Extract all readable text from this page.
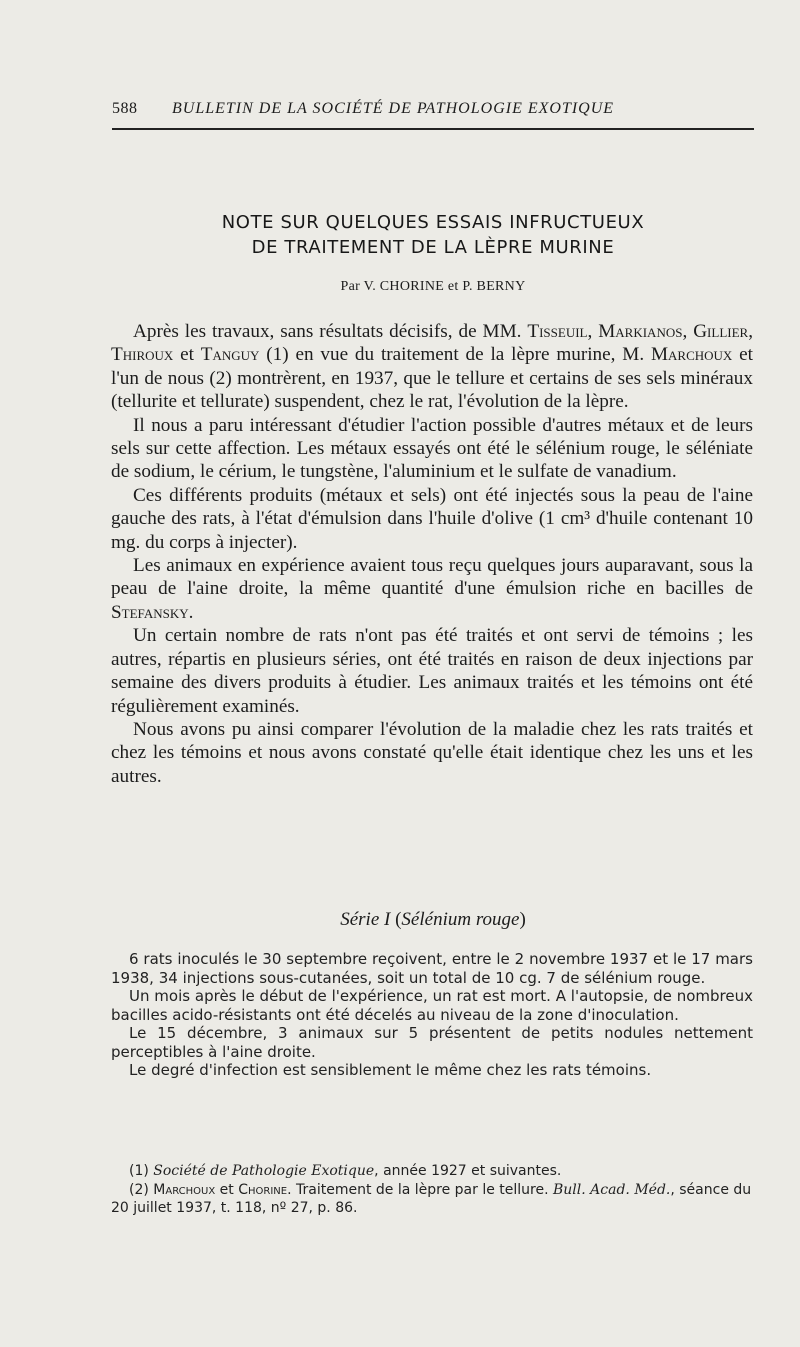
588 BULLETIN DE LA SOCIÉTÉ DE PATHOLOGIE EXOTIQUE
NOTE SUR QUELQUES ESSAIS INFRUCTUEUX
DE TRAITEMENT DE LA LÈPRE MURINE
Par V. CHORINE et P. BERNY

Après les travaux, sans résultats décisifs, de MM. Tisseuil, Markianos, Gillier, Thiroux et Tanguy (1) en vue du traitement de la lèpre murine, M. Marchoux et l'un de nous (2) montrèrent, en 1937, que le tellure et certains de ses sels minéraux (tellurite et tellurate) suspendent, chez le rat, l'évolution de la lèpre.

Il nous a paru intéressant d'étudier l'action possible d'autres métaux et de leurs sels sur cette affection. Les métaux essayés ont été le sélénium rouge, le séléniate de sodium, le cérium, le tungstène, l'aluminium et le sulfate de vanadium.

Ces différents produits (métaux et sels) ont été injectés sous la peau de l'aine gauche des rats, à l'état d'émulsion dans l'huile d'olive (1 cm³ d'huile contenant 10 mg. du corps à injecter).

Les animaux en expérience avaient tous reçu quelques jours auparavant, sous la peau de l'aine droite, la même quantité d'une émulsion riche en bacilles de Stefansky.

Un certain nombre de rats n'ont pas été traités et ont servi de témoins ; les autres, répartis en plusieurs séries, ont été traités en raison de deux injections par semaine des divers produits à étudier. Les animaux traités et les témoins ont été régulièrement examinés.

Nous avons pu ainsi comparer l'évolution de la maladie chez les rats traités et chez les témoins et nous avons constaté qu'elle était identique chez les uns et les autres.

Série I (Sélénium rouge)

6 rats inoculés le 30 septembre reçoivent, entre le 2 novembre 1937 et le 17 mars 1938, 34 injections sous-cutanées, soit un total de 10 cg. 7 de sélénium rouge.

Un mois après le début de l'expérience, un rat est mort. A l'autopsie, de nombreux bacilles acido-résistants ont été décelés au niveau de la zone d'inoculation.

Le 15 décembre, 3 animaux sur 5 présentent de petits nodules nettement perceptibles à l'aine droite.

Le degré d'infection est sensiblement le même chez les rats témoins.

(1) Société de Pathologie Exotique, année 1927 et suivantes.

(2) Marchoux et Chorine. Traitement de la lèpre par le tellure. Bull. Acad. Méd., séance du 20 juillet 1937, t. 118, nº 27, p. 86.
